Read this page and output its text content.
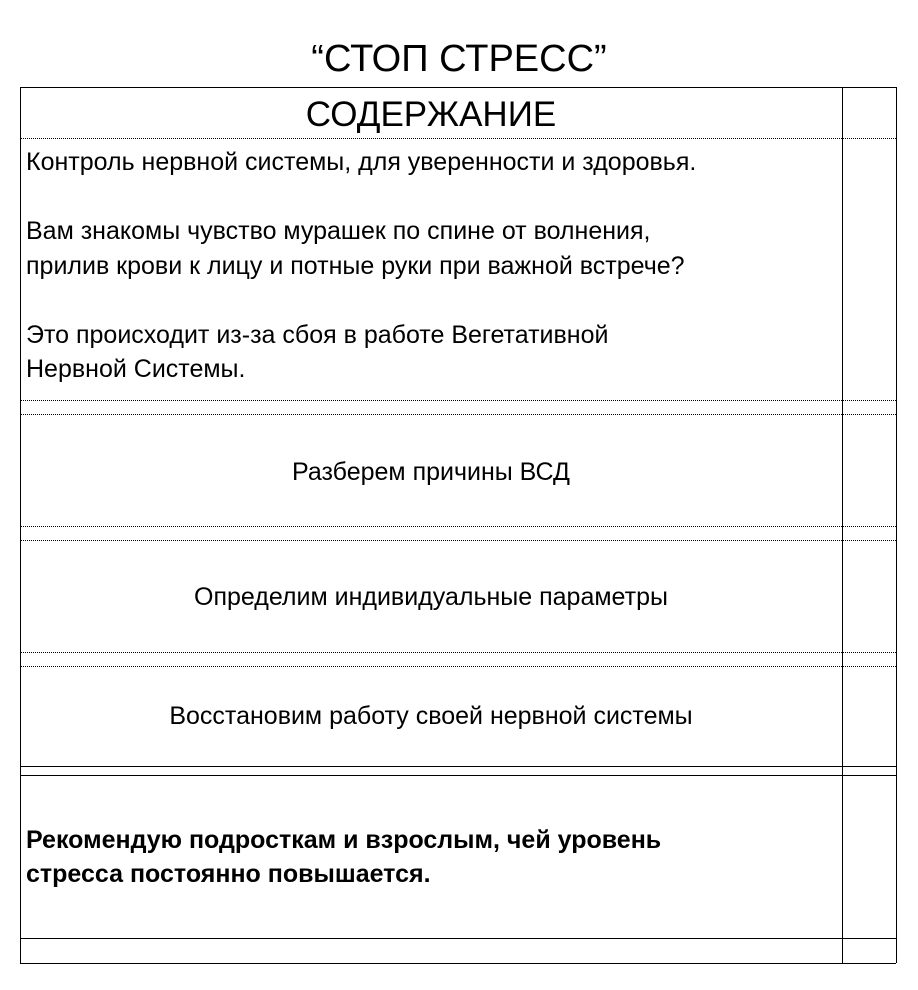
“СТОП СТРЕСС”
СОДЕРЖАНИЕ
Контроль нервной системы, для уверенности и здоровья.
Вам знакомы чувство мурашек по спине от волнения,
прилив крови к лицу и потные руки при важной встрече?
Это происходит из-за сбоя в работе Вегетативной
Нервной Системы.
Разберем причины ВСД
Определим индивидуальные параметры
Восстановим работу своей нервной системы
Рекомендую подросткам и взрослым, чей уровень
стресса постоянно повышается.
